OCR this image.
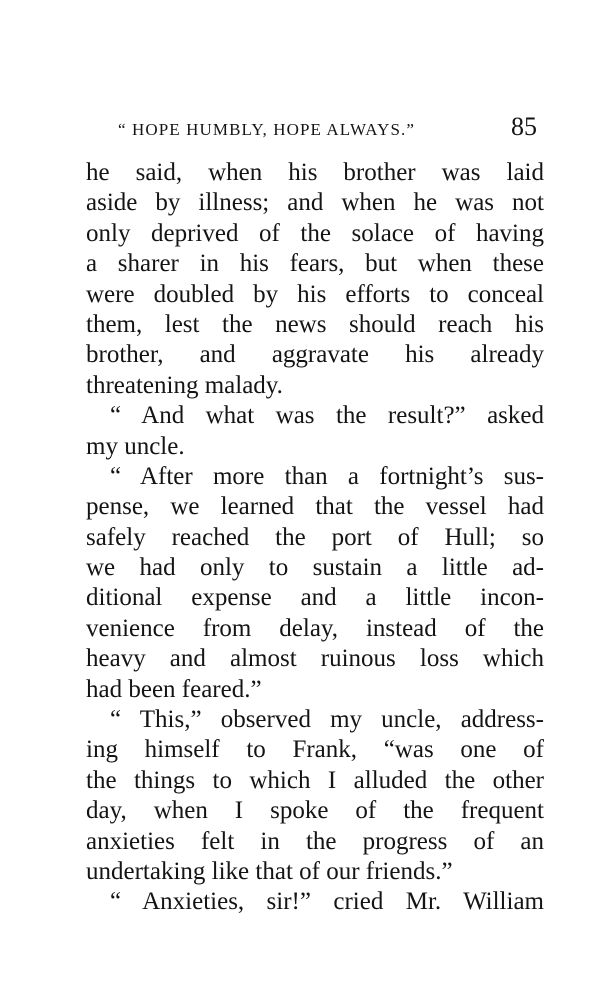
“ HOPE HUMBLY, HOPE ALWAYS.”	85
he said, when his brother was laid
aside by illness; and when he was not
only deprived of the solace of having
a sharer in his fears, but when these
were doubled by his efforts to conceal
them, lest the news should reach his
brother, and aggravate his already
threatening malady.
“ And what was the result?” asked
my uncle.
“ After more than a fortnight’s sus-
pense, we learned that the vessel had
safely reached the port of Hull; so
we had only to sustain a little ad-
ditional expense and a little incon-
venience from delay, instead of the
heavy and almost ruinous loss which
had been feared.”
“ This,” observed my uncle, address-
ing himself to Frank, “was one of
the things to which I alluded the other
day, when I spoke of the frequent
anxieties felt in the progress of an
undertaking like that of our friends.”
“ Anxieties, sir!” cried Mr. William
